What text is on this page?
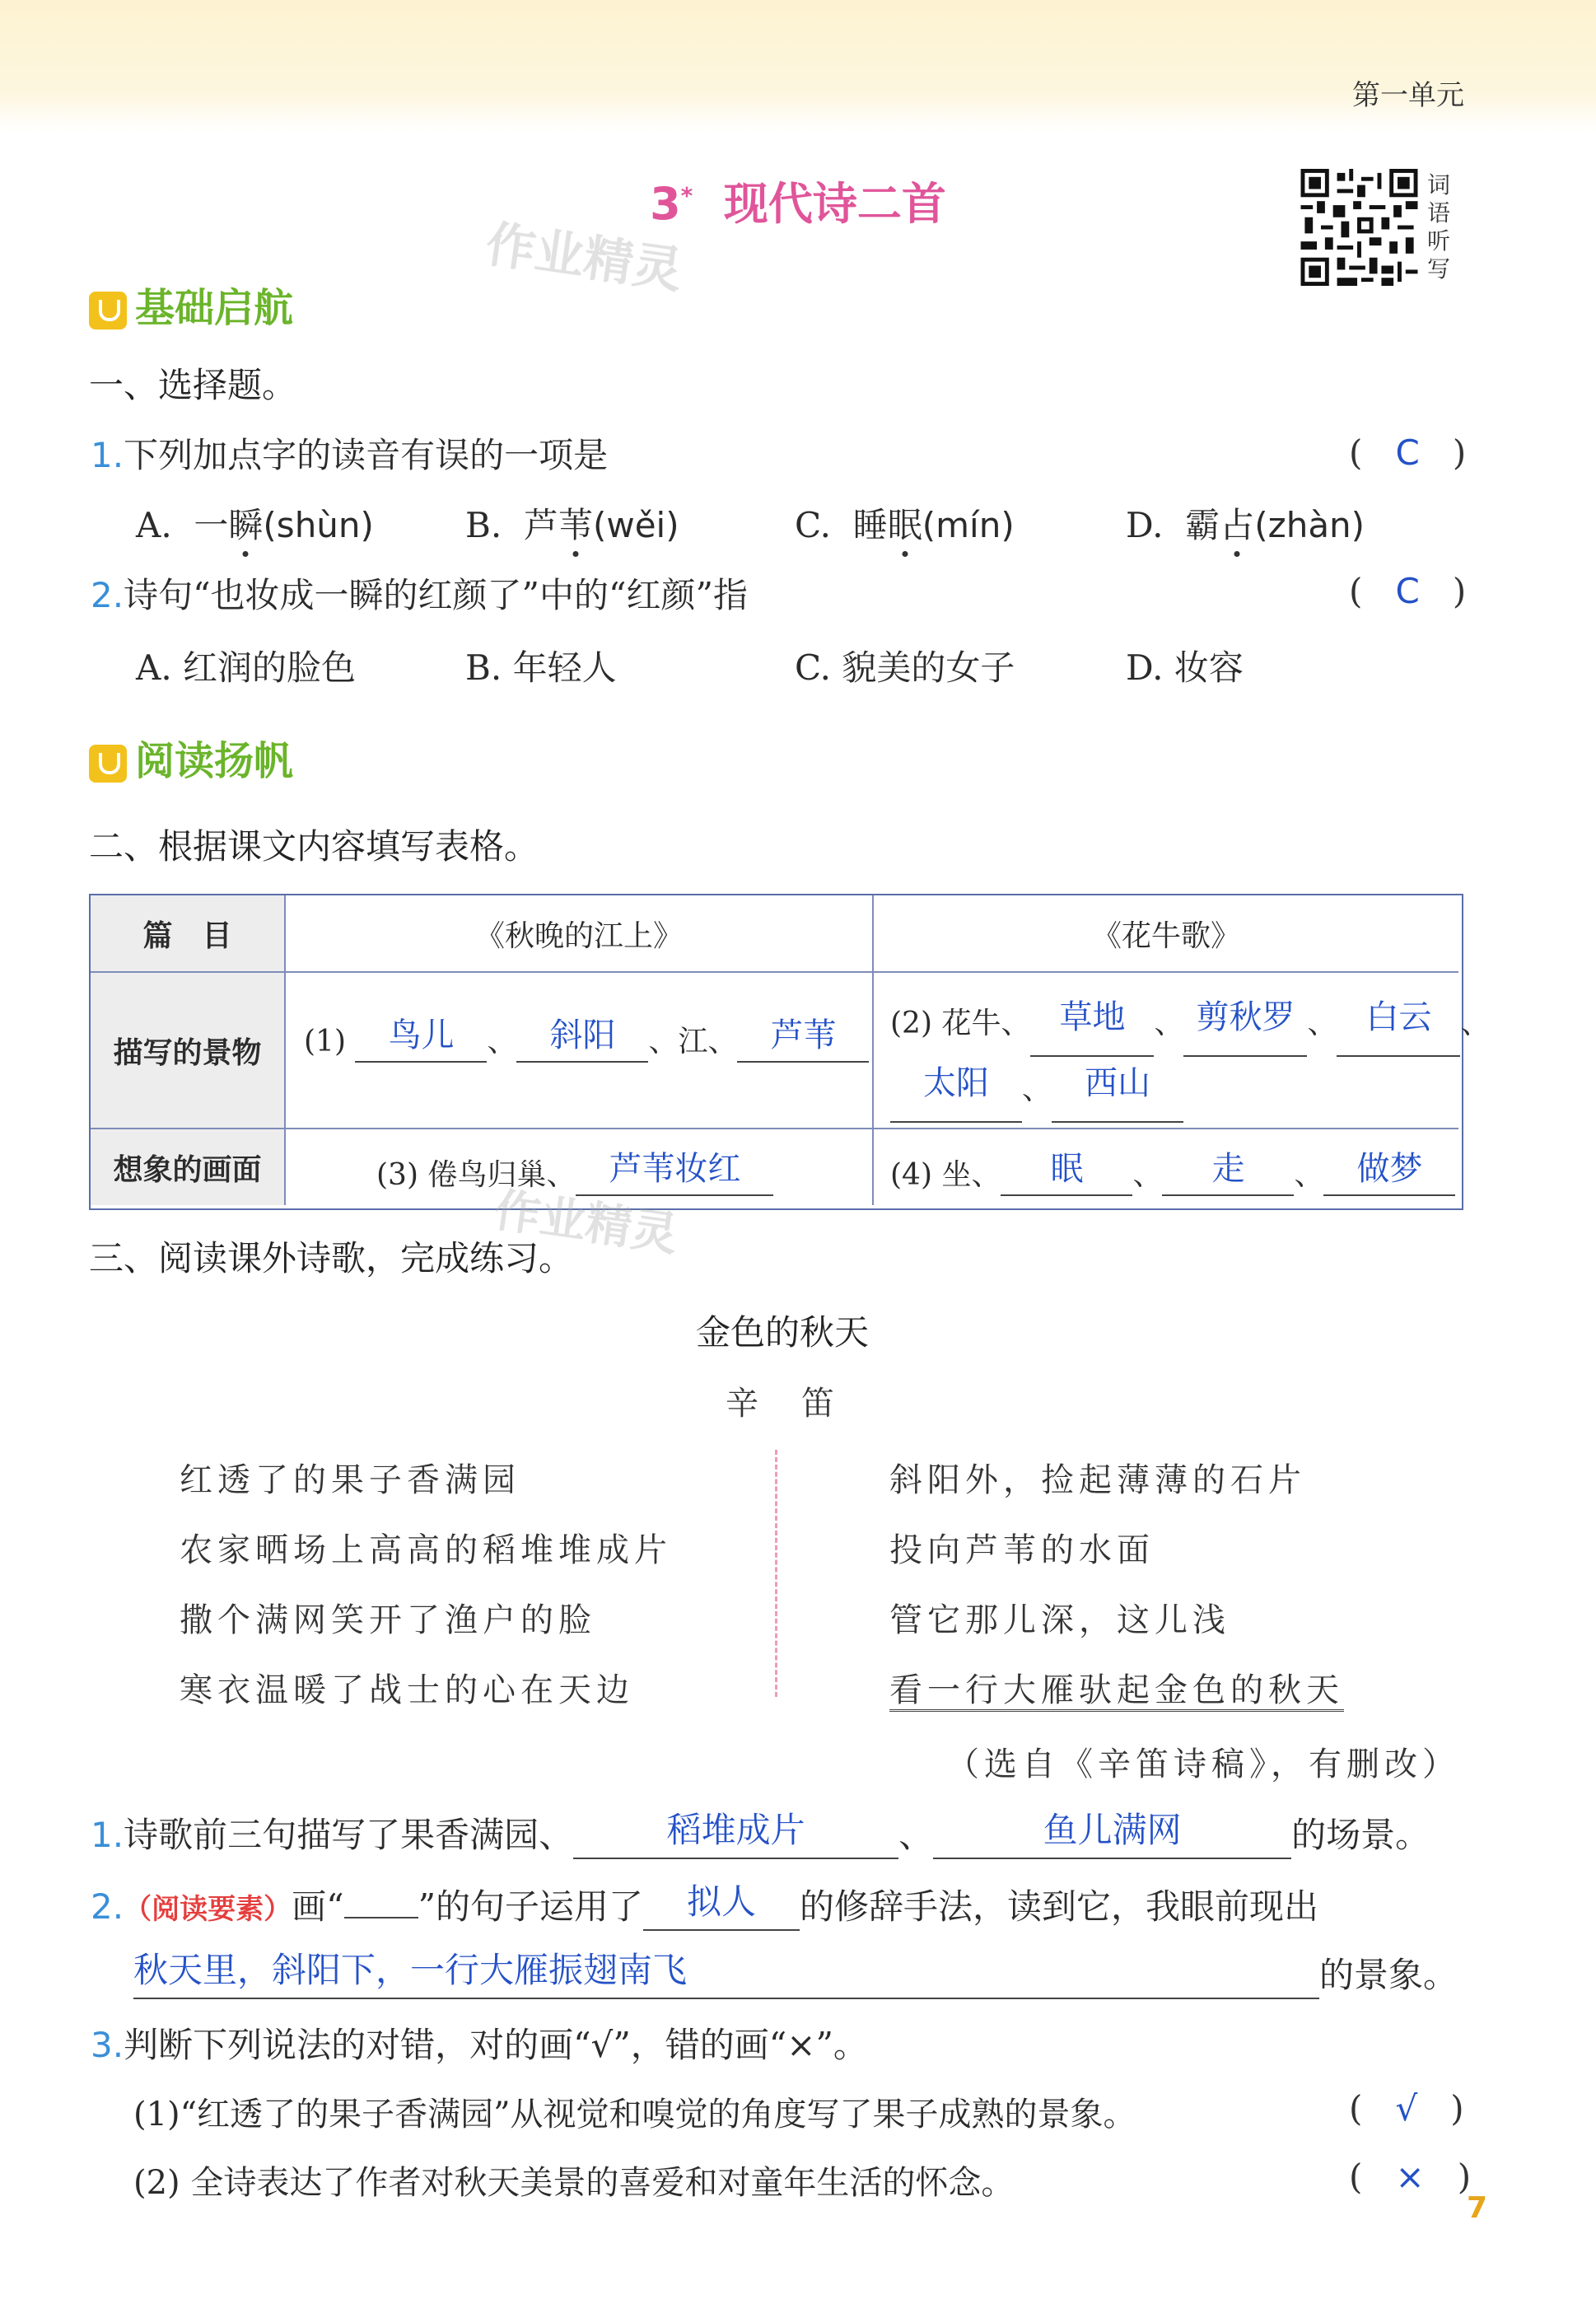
第一单元
3* 现代诗二首	词
语
听
写
作业精灵
基础启航
一、选择题。
1.下列加点字的读音有误的一项是	(   C   )
A. 一瞬(shùn)	B. 芦苇(wěi)	C. 睡眠(mín)	D. 霸占(zhàn)
2.诗句“也妆成一瞬的红颜了”中的“红颜”指	(   C   )
A. 红润的脸色	B. 年轻人	C. 貌美的女子	D. 妆容
阅读扬帆
二、根据课文内容填写表格。
篇　目	《秋晚的江上》	《花牛歌》
描写的景物	(1) 鸟儿 、 斜阳 、江、 芦苇	(2) 花牛、 草地 、 剪秋罗 、 白云 、
太阳 、 西山
想象的画面	(3) 倦鸟归巢、 芦苇妆红	(4) 坐、 眠 、 走 、 做梦
作业精灵
三、阅读课外诗歌，完成练习。
金色的秋天
辛　笛
红透了的果子香满园
农家晒场上高高的稻堆堆成片
撒个满网笑开了渔户的脸
寒衣温暖了战士的心在天边
斜阳外，捡起薄薄的石片
投向芦苇的水面
管它那儿深，这儿浅
看一行大雁驮起金色的秋天
（选自《辛笛诗稿》，有删改）
1.诗歌前三句描写了果香满园、	稻堆成片	、	鱼儿满网	的场景。
2.（阅读要素）画“ ”的句子运用了 拟人 的修辞手法，读到它，我眼前现出
秋天里，斜阳下，一行大雁振翅南飞	的景象。
3.判断下列说法的对错，对的画“√”，错的画“×”。
(1)“红透了的果子香满园”从视觉和嗅觉的角度写了果子成熟的景象。	(   √   )
(2) 全诗表达了作者对秋天美景的喜爱和对童年生活的怀念。	(   ×   )
7
